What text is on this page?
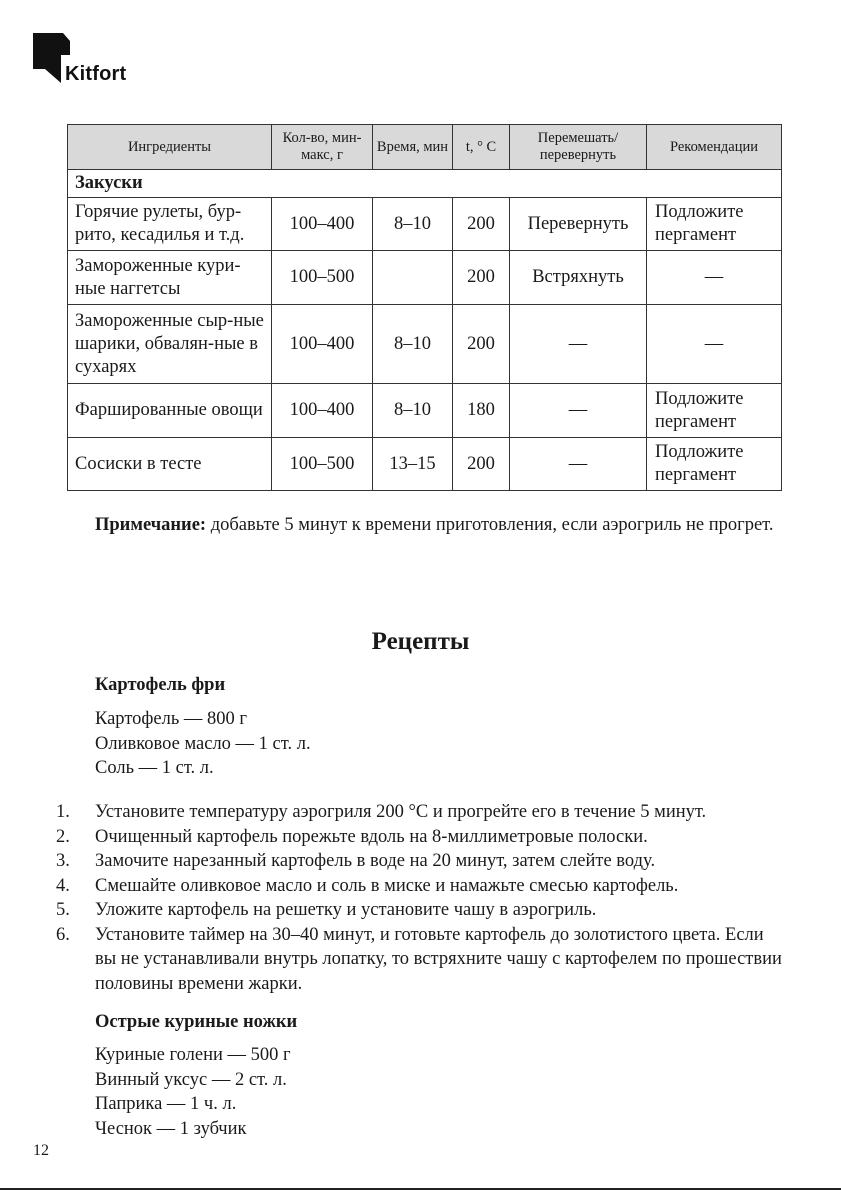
Kitfort
Ингредиенты	Кол-во, мин-макс, г	Время, мин	t, ° C	Перемешать/ перевернуть	Рекомендации
Закуски					
Горячие рулеты, бур-рито, кесадилья и т.д.	100–400	8–10	200	Перевернуть	Подложите пергамент
Замороженные кури-ные наггетсы	100–500		200	Встряхнуть	—
Замороженные сыр-ные шарики, обвалян-ные в сухарях	100–400	8–10	200	—	—
Фаршированные овощи	100–400	8–10	180	—	Подложите пергамент
Сосиски в тесте	100–500	13–15	200	—	Подложите пергамент
Примечание: добавьте 5 минут к времени приготовления, если аэрогриль не прогрет.
Рецепты
Картофель фри
Картофель — 800 г
Оливковое масло — 1 ст. л.
Соль — 1 ст. л.
1. Установите температуру аэрогриля 200 °С и прогрейте его в течение 5 минут.
2. Очищенный картофель порежьте вдоль на 8-миллиметровые полоски.
3. Замочите нарезанный картофель в воде на 20 минут, затем слейте воду.
4. Смешайте оливковое масло и соль в миске и намажьте смесью картофель.
5. Уложите картофель на решетку и установите чашу в аэрогриль.
6. Установите таймер на 30–40 минут, и готовьте картофель до золотистого цвета. Если вы не устанавливали внутрь лопатку, то встряхните чашу с картофелем по прошествии половины времени жарки.
Острые куриные ножки
Куриные голени — 500 г
Винный уксус — 2 ст. л.
Паприка — 1 ч. л.
Чеснок — 1 зубчик
12
